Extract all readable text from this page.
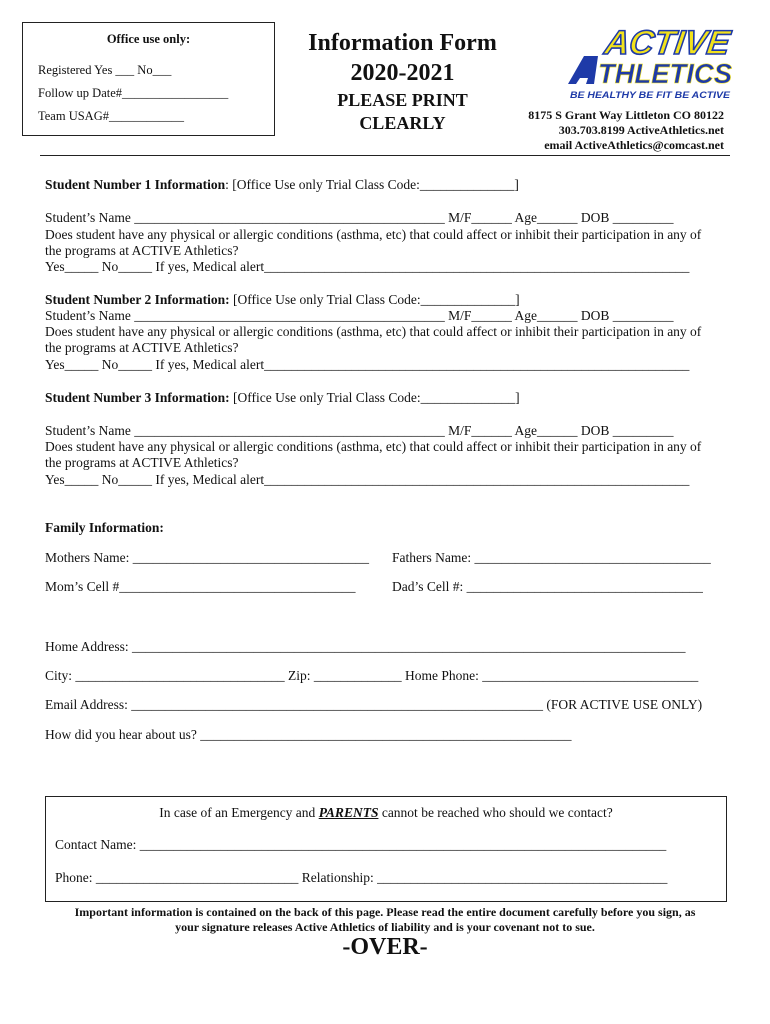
Office use only:
Registered Yes ___ No___
Follow up Date#_________________
Team USAG#____________
Information Form
2020-2021
PLEASE PRINT
CLEARLY
ACTIVE
THLETICS
BE HEALTHY BE FIT BE ACTIVE
8175 S Grant Way Littleton CO 80122
303.703.8199 ActiveAthletics.net
email ActiveAthletics@comcast.net
Student Number 1 Information: [Office Use only Trial Class Code:______________]
Student’s Name ______________________________________________ M/F______ Age______ DOB _________
Does student have any physical or allergic conditions (asthma, etc) that could affect or inhibit their participation in any of
the programs at ACTIVE Athletics?
Yes_____ No_____ If yes, Medical alert_______________________________________________________________
Student Number 2 Information: [Office Use only Trial Class Code:______________]
Student’s Name ______________________________________________ M/F______ Age______ DOB _________
Does student have any physical or allergic conditions (asthma, etc) that could affect or inhibit their participation in any of
the programs at ACTIVE Athletics?
Yes_____ No_____ If yes, Medical alert_______________________________________________________________
Student Number 3 Information: [Office Use only Trial Class Code:______________]
Student’s Name ______________________________________________ M/F______ Age______ DOB _________
Does student have any physical or allergic conditions (asthma, etc) that could affect or inhibit their participation in any of
the programs at ACTIVE Athletics?
Yes_____ No_____ If yes, Medical alert_______________________________________________________________
Family Information:
Mothers Name: ___________________________________ Fathers Name: ___________________________________
Mom’s Cell #___________________________________	Dad’s Cell #: ___________________________________
Home Address: __________________________________________________________________________________
City: _______________________________ Zip: _____________ Home Phone: ________________________________
Email Address: _____________________________________________________________ (FOR ACTIVE USE ONLY)
How did you hear about us? _______________________________________________________
In case of an Emergency and PARENTS cannot be reached who should we contact?
Contact Name: ______________________________________________________________________________
Phone: ______________________________ Relationship: ___________________________________________
Important information is contained on the back of this page. Please read the entire document carefully before you sign, as
your signature releases Active Athletics of liability and is your covenant not to sue.
-OVER-
